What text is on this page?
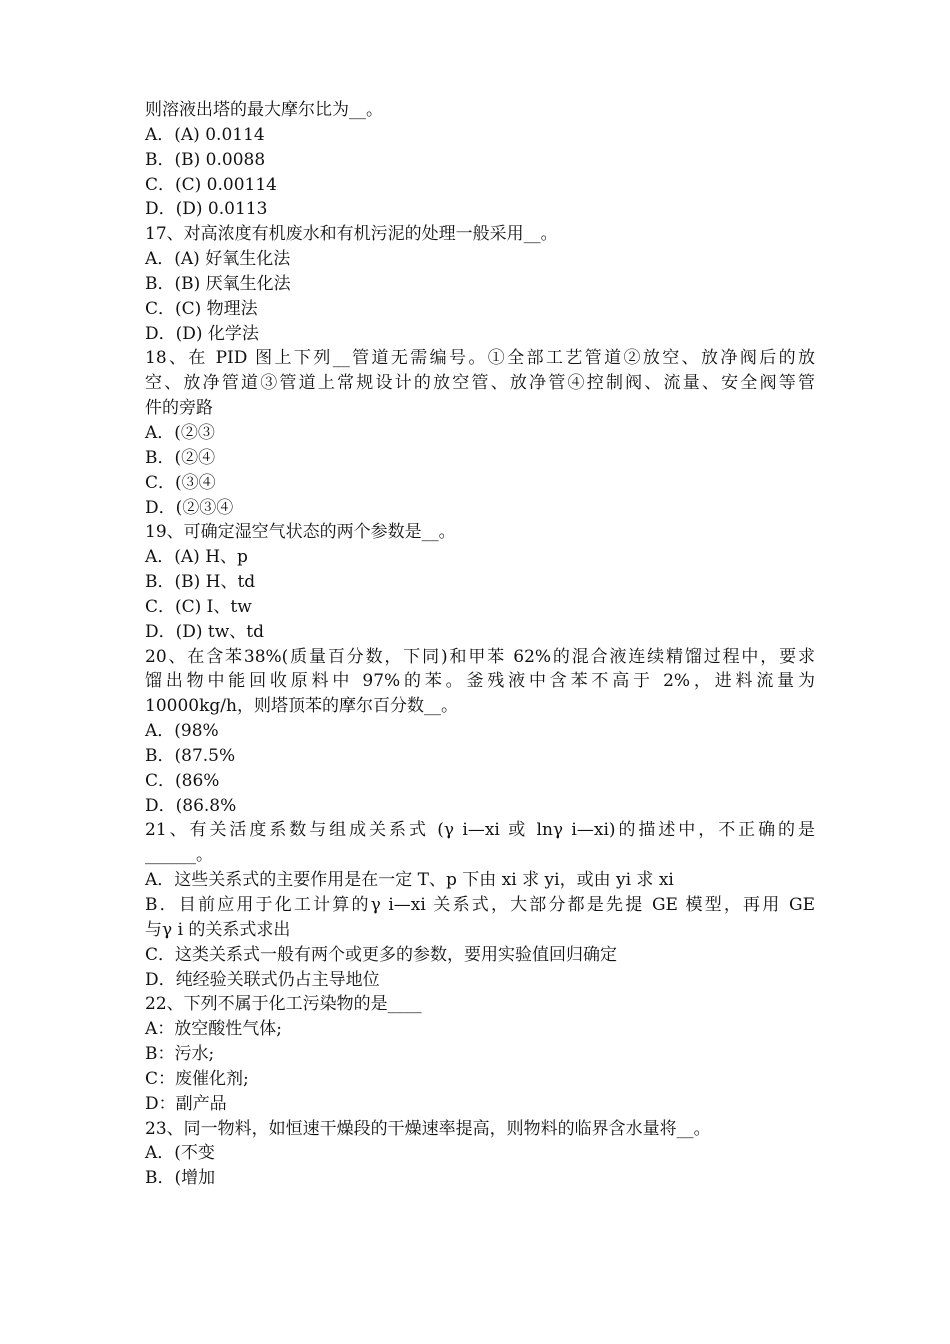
则溶液出塔的最大摩尔比为__。
A．(A) 0.0114
B．(B) 0.0088
C．(C) 0.00114
D．(D) 0.0113
17、对高浓度有机废水和有机污泥的处理一般采用__。
A．(A) 好氧生化法
B．(B) 厌氧生化法
C．(C) 物理法
D．(D) 化学法
18、在 PID 图上下列__管道无需编号。①全部工艺管道②放空、放净阀后的放
空、放净管道③管道上常规设计的放空管、放净管④控制阀、流量、安全阀等管
件的旁路
A．(②③
B．(②④
C．(③④
D．(②③④
19、可确定湿空气状态的两个参数是__。
A．(A) H、p
B．(B) H、td
C．(C) I、tw
D．(D) tw、td
20、在含苯38%(质量百分数，下同)和甲苯 62%的混合液连续精馏过程中，要求
馏出物中能回收原料中 97%的苯。釜残液中含苯不高于 2%，进料流量为
10000kg/h，则塔顶苯的摩尔百分数__。
A．(98%
B．(87.5%
C．(86%
D．(86.8%
21、有关活度系数与组成关系式 (γ i—xi 或 lnγ i—xi)的描述中，不正确的是
______。
A．这些关系式的主要作用是在一定 T、p 下由 xi 求 yi，或由 yi 求 xi
B．目前应用于化工计算的γ i—xi 关系式，大部分都是先提 GE 模型，再用 GE
与γ i 的关系式求出
C．这类关系式一般有两个或更多的参数，要用实验值回归确定
D．纯经验关联式仍占主导地位
22、下列不属于化工污染物的是____
A：放空酸性气体;
B：污水;
C：废催化剂;
D：副产品
23、同一物料，如恒速干燥段的干燥速率提高，则物料的临界含水量将__。
A．(不变
B．(增加
